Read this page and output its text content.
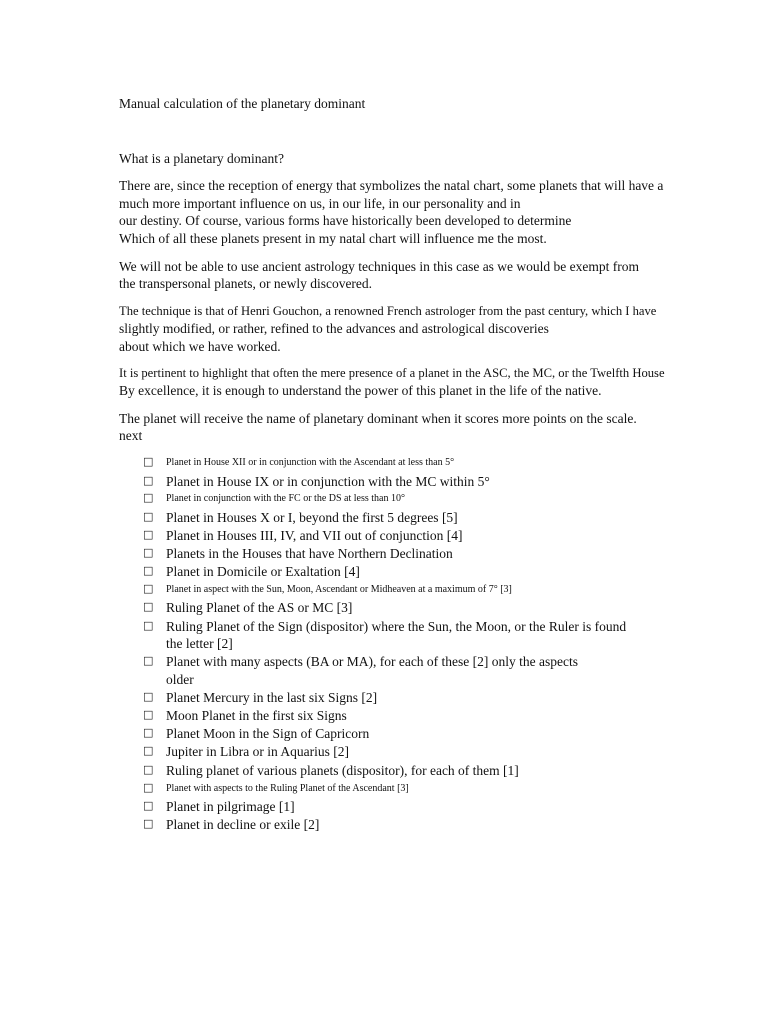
Manual calculation of the planetary dominant
What is a planetary dominant?
There are, since the reception of energy that symbolizes the natal chart, some planets that will have a
much more important influence on us, in our life, in our personality and in
our destiny. Of course, various forms have historically been developed to determine
Which of all these planets present in my natal chart will influence me the most.
We will not be able to use ancient astrology techniques in this case as we would be exempt from
the transpersonal planets, or newly discovered.
The technique is that of Henri Gouchon, a renowned French astrologer from the past century, which I have
slightly modified, or rather, refined to the advances and astrological discoveries
about which we have worked.
It is pertinent to highlight that often the mere presence of a planet in the ASC, the MC, or the Twelfth House
By excellence, it is enough to understand the power of this planet in the life of the native.
The planet will receive the name of planetary dominant when it scores more points on the scale.
next
□ Planet in House XII or in conjunction with the Ascendant at less than 5°
□ Planet in House IX or in conjunction with the MC within 5°
□ Planet in conjunction with the FC or the DS at less than 10°
□ Planet in Houses X or I, beyond the first 5 degrees [5]
□ Planet in Houses III, IV, and VII out of conjunction [4]
□ Planets in the Houses that have Northern Declination
□ Planet in Domicile or Exaltation [4]
□ Planet in aspect with the Sun, Moon, Ascendant or Midheaven at a maximum of 7° [3]
□ Ruling Planet of the AS or MC [3]
□ Ruling Planet of the Sign (dispositor) where the Sun, the Moon, or the Ruler is found
the letter [2]
□ Planet with many aspects (BA or MA), for each of these [2] only the aspects
older
□ Planet Mercury in the last six Signs [2]
□ Moon Planet in the first six Signs
□ Planet Moon in the Sign of Capricorn
□ Jupiter in Libra or in Aquarius [2]
□ Ruling planet of various planets (dispositor), for each of them [1]
□ Planet with aspects to the Ruling Planet of the Ascendant [3]
□ Planet in pilgrimage [1]
□ Planet in decline or exile [2]
